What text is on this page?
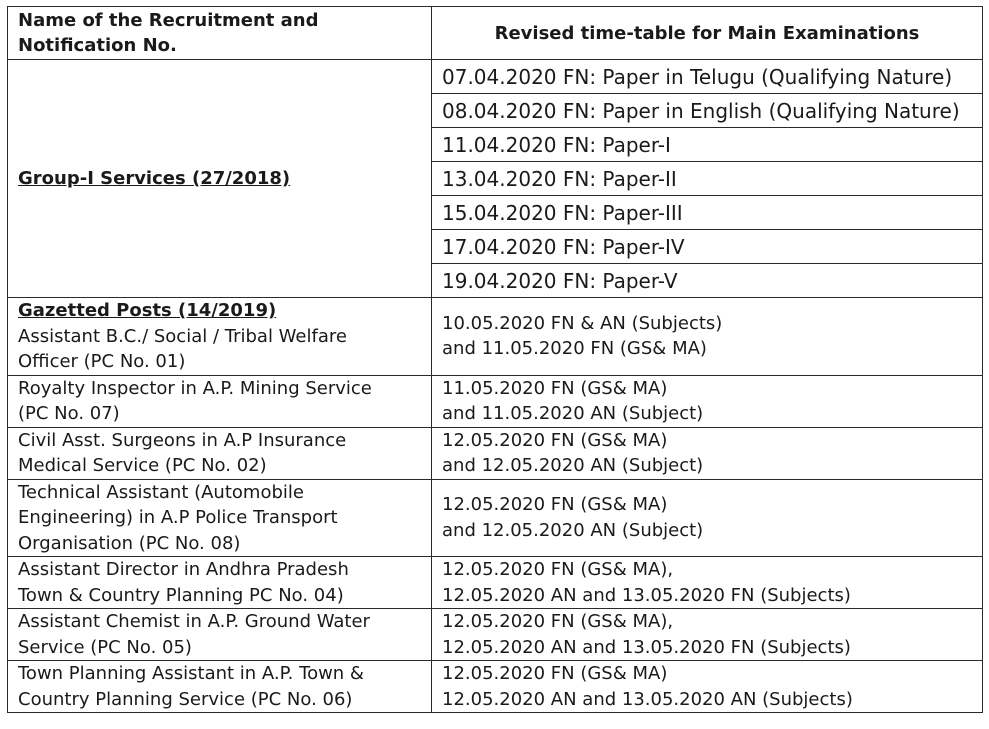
Name of the Recruitment and
Notification No.	Revised time-table for Main Examinations
Group-I Services (27/2018)	07.04.2020 FN: Paper in Telugu (Qualifying Nature)
	08.04.2020 FN: Paper in English (Qualifying Nature)
	11.04.2020 FN: Paper-I
	13.04.2020 FN: Paper-II
	15.04.2020 FN: Paper-III
	17.04.2020 FN: Paper-IV
	19.04.2020 FN: Paper-V

Gazetted Posts (14/2019)
Assistant B.C./ Social / Tribal Welfare
Officer (PC No. 01)	10.05.2020 FN & AN (Subjects)
and 11.05.2020 FN (GS& MA)

Royalty Inspector in A.P. Mining Service
(PC No. 07)	11.05.2020 FN (GS& MA)
and 11.05.2020 AN (Subject)

Civil Asst. Surgeons in A.P Insurance
Medical Service (PC No. 02)	12.05.2020 FN (GS& MA)
and 12.05.2020 AN (Subject)

Technical Assistant (Automobile
Engineering) in A.P Police Transport
Organisation (PC No. 08)	12.05.2020 FN (GS& MA)
and 12.05.2020 AN (Subject)

Assistant Director in Andhra Pradesh
Town & Country Planning PC No. 04)	12.05.2020 FN (GS& MA),
12.05.2020 AN and 13.05.2020 FN (Subjects)

Assistant Chemist in A.P. Ground Water
Service (PC No. 05)	12.05.2020 FN (GS& MA),
12.05.2020 AN and 13.05.2020 FN (Subjects)

Town Planning Assistant in A.P. Town &
Country Planning Service (PC No. 06)	12.05.2020 FN (GS& MA)
12.05.2020 AN and 13.05.2020 AN (Subjects)
